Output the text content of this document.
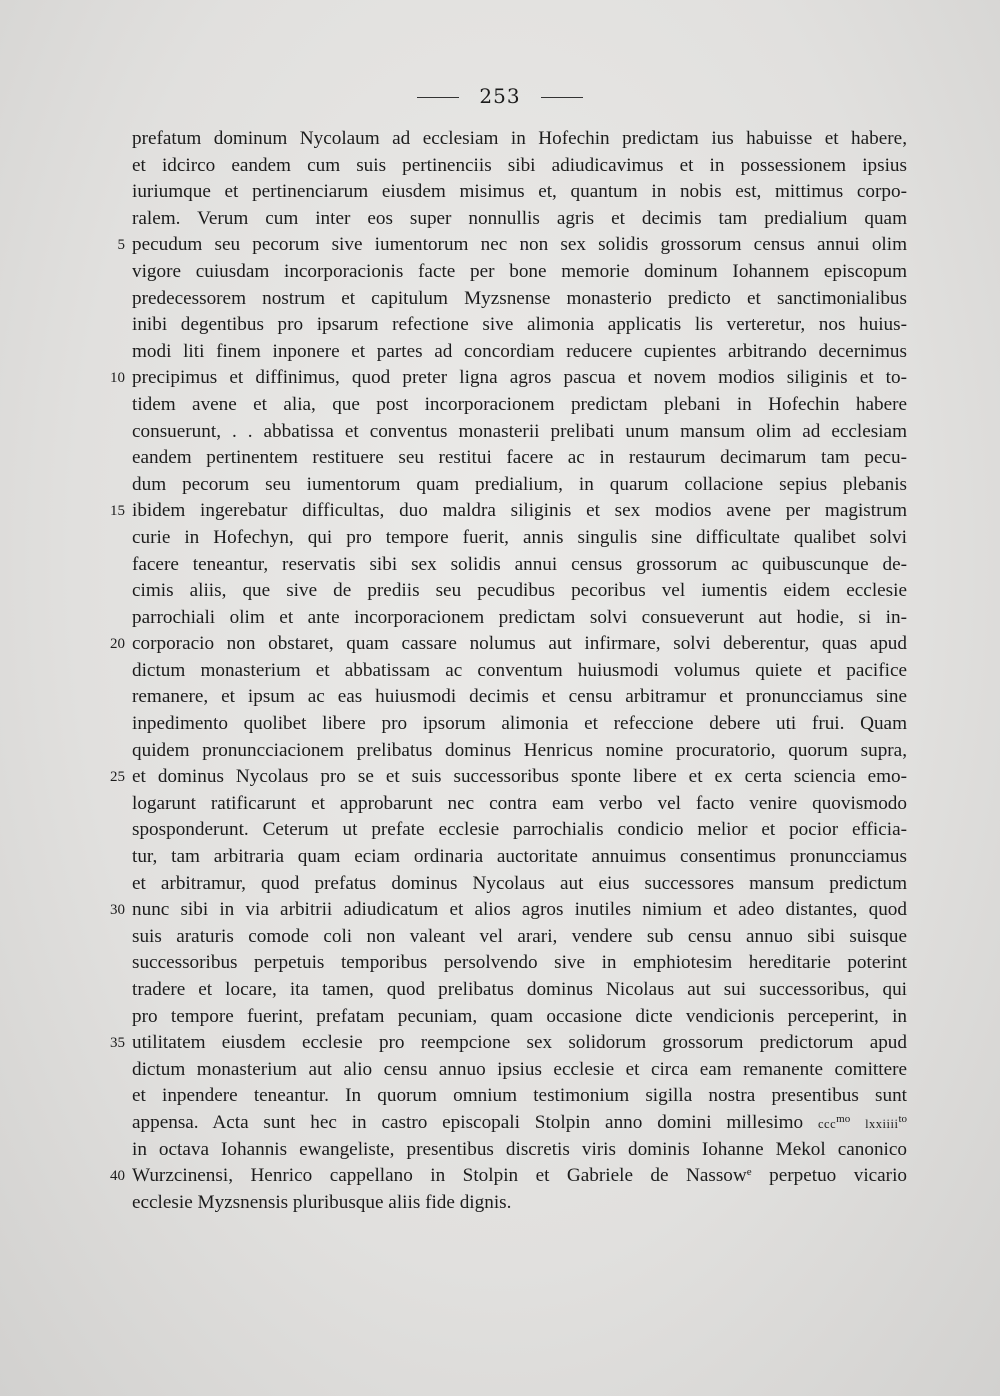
253
prefatum dominum Nycolaum ad ecclesiam in Hofechin predictam ius habuisse et habere,
et idcirco eandem cum suis pertinenciis sibi adiudicavimus et in possessionem ipsius
iuriumque et pertinenciarum eiusdem misimus et, quantum in nobis est, mittimus corpo-
ralem. Verum cum inter eos super nonnullis agris et decimis tam predialium quam
5 pecudum seu pecorum sive iumentorum nec non sex solidis grossorum census annui olim
vigore cuiusdam incorporacionis facte per bone memorie dominum Iohannem episcopum
predecessorem nostrum et capitulum Myzsnense monasterio predicto et sanctimonialibus
inibi degentibus pro ipsarum refectione sive alimonia applicatis lis verteretur, nos huius-
modi liti finem inponere et partes ad concordiam reducere cupientes arbitrando decernimus
10 precipimus et diffinimus, quod preter ligna agros pascua et novem modios siliginis et to-
tidem avene et alia, que post incorporacionem predictam plebani in Hofechin habere
consuerunt, . . abbatissa et conventus monasterii prelibati unum mansum olim ad ecclesiam
eandem pertinentem restituere seu restitui facere ac in restaurum decimarum tam pecu-
dum pecorum seu iumentorum quam predialium, in quarum collacione sepius plebanis
15 ibidem ingerebatur difficultas, duo maldra siliginis et sex modios avene per magistrum
curie in Hofechyn, qui pro tempore fuerit, annis singulis sine difficultate qualibet solvi
facere teneantur, reservatis sibi sex solidis annui census grossorum ac quibuscunque de-
cimis aliis, que sive de prediis seu pecudibus pecoribus vel iumentis eidem ecclesie
parrochiali olim et ante incorporacionem predictam solvi consueverunt aut hodie, si in-
20 corporacio non obstaret, quam cassare nolumus aut infirmare, solvi deberentur, quas apud
dictum monasterium et abbatissam ac conventum huiusmodi volumus quiete et pacifice
remanere, et ipsum ac eas huiusmodi decimis et censu arbitramur et pronuncciamus sine
inpedimento quolibet libere pro ipsorum alimonia et refeccione debere uti frui. Quam
quidem pronuncciacionem prelibatus dominus Henricus nomine procuratorio, quorum supra,
25 et dominus Nycolaus pro se et suis successoribus sponte libere et ex certa sciencia emo-
logarunt ratificarunt et approbarunt nec contra eam verbo vel facto venire quovismodo
sposponderunt. Ceterum ut prefate ecclesie parrochialis condicio melior et pocior efficia-
tur, tam arbitraria quam eciam ordinaria auctoritate annuimus consentimus pronuncciamus
et arbitramur, quod prefatus dominus Nycolaus aut eius successores mansum predictum
30 nunc sibi in via arbitrii adiudicatum et alios agros inutiles nimium et adeo distantes, quod
suis araturis comode coli non valeant vel arari, vendere sub censu annuo sibi suisque
successoribus perpetuis temporibus persolvendo sive in emphiotesim hereditarie poterint
tradere et locare, ita tamen, quod prelibatus dominus Nicolaus aut sui successoribus, qui
pro tempore fuerint, prefatam pecuniam, quam occasione dicte vendicionis perceperint, in
35 utilitatem eiusdem ecclesie pro reempcione sex solidorum grossorum predictorum apud
dictum monasterium aut alio censu annuo ipsius ecclesie et circa eam remanente comittere
et inpendere teneantur. In quorum omnium testimonium sigilla nostra presentibus sunt
appensa. Acta sunt hec in castro episcopali Stolpin anno domini millesimo ccc$^{mo}$ lxxiiii$^{to}$
in octava Iohannis ewangeliste, presentibus discretis viris dominis Iohanne Mekol canonico
40 Wurzcinensi, Henrico cappellano in Stolpin et Gabriele de Nassow$^e$ perpetuo vicario
ecclesie Myzsnensis pluribusque aliis fide dignis.
